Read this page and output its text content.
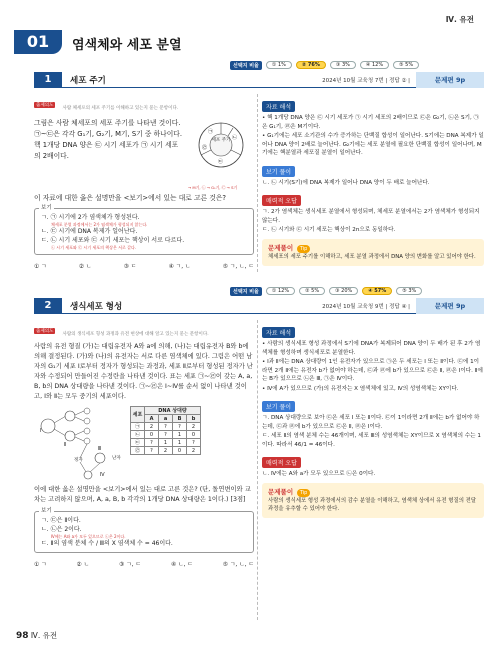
Ⅳ. 유전
01	염색체와 세포 분열
선택지 비율	① 1%	② 76%	③ 3%	④ 12%	⑤ 5%
1	세포 주기	2024년 10월 교육청 7번 | 정답 ② |	문제편 9p
출제의도 사람 체세포의 세포 주기를 이해하고 있는지 묻는 문항이다.
그림은 사람 체세포의 세포 주기를 나타낸 것이다. ㉠~㉢은 각각 G₁기, G₂기, M기, S기 중 하나이다. 핵 1개당 DNA 양은 ㉢ 시기 세포가 ㉠ 시기 세포의 2배이다.
㉠
㉡
㉢
㉣
세포 주기
→ M기, ㉡ → G₁기, ㉢ → S기
이 자료에 대한 옳은 설명만을 <보기>에서 있는 대로 고른 것은?
보기
ㄱ. ㉠ 시기에 2가 염색체가 형성된다.
체세포 분열 과정에서는 2가 염색체가 형성되지 않는다.
ㄴ. ㉢ 시기에 DNA 복제가 일어난다.
ㄷ. ㉡ 시기 세포와 ㉢ 시기 세포는 핵상이 서로 다르다.
㉡ 시기 세포와 ㉢ 시기 세포의 핵상은 서로 같다.
① ㄱ	② ㄴ	③ ㄷ	④ ㄱ, ㄴ	⑤ ㄱ, ㄴ, ㄷ
자료 해석

• 핵 1개당 DNA 양은 ㉢ 시기 세포가 ㉠ 시기 세포의 2배이므로 ㉢은 G₂기, ㉡은 S기, ㉠은 G₁기, ㉣은 M기이다.

• G₁기에는 세포 소기관의 수가 증가하는 단백질 합성이 일어난다. S기에는 DNA 복제가 일어나 DNA 양이 2배로 늘어난다. G₂기에는 세포 분열에 필요한 단백질 합성이 일어나며, M기에는 핵분열과 세포질 분열이 일어난다.

보기 풀이

ㄴ. ㉡ 시기(S기)에 DNA 복제가 일어나 DNA 양이 두 배로 늘어난다.

매력적 오답

ㄱ. 2가 염색체는 생식세포 분열에서 형성되며, 체세포 분열에서는 2가 염색체가 형성되지 않는다.

ㄷ. ㉡ 시기와 ㉢ 시기 세포는 핵상이 2n으로 동일하다.

문제풀이 Tip
체세포의 세포 주기를 이해하고, 세포 분열 과정에서 DNA 양의 변화를 알고 있어야 한다.
선택지 비율	① 12%	② 5%	③ 20%	④ 57%	⑤ 3%
2	생식세포 형성	2024년 10월 교육청 9번 | 정답 ④ |	문제편 9p
출제의도 사람의 생식세포 형성 과정과 유전 현상에 대해 알고 있는지 묻는 문항이다.
사람의 유전 형질 (가)는 대립유전자 A와 a에 의해, (나)는 대립유전자 B와 b에 의해 결정된다. (가)와 (나)의 유전자는 서로 다른 염색체에 있다. 그림은 어떤 남자의 G₁기 세포 Ⅰ로부터 정자가 형성되는 과정과, 세포 Ⅱ로부터 형성된 정자가 난자와 수정되어 만들어진 수정란을 나타낸 것이다. 표는 세포 ㉠~㉣이 갖는 A, a, B, b의 DNA 상대량을 나타낸 것이다. ㉠~㉣은 Ⅰ~Ⅳ를 순서 없이 나타낸 것이고, Ⅰ와 Ⅱ는 모두 중기의 세포이다.
Ⅰ
Ⅱ
Ⅲ
정자	난자
Ⅳ
세포	DNA 상대량			
	A	a	B	b
㉠	2	?	?	2
㉡	0	?	1	0
㉢	?	1	1	?
㉣	?	2	0	2
이에 대한 옳은 설명만을 <보기>에서 있는 대로 고른 것은? (단, 돌연변이와 교차는 고려하지 않으며, A, a, B, b 각각의 1개당 DNA 상대량은 1이다.) [3점]
보기
ㄱ. ㉢은 Ⅱ이다.
ㄴ. ㉡은 2이다.
Ⅳ에는 A와 a가 모두 있으므로 ㉡은 2이다.
ㄷ. Ⅱ의 염색 분체 수 / Ⅲ의 X 염색체 수 = 46이다.
① ㄱ	② ㄴ	③ ㄱ, ㄷ	④ ㄴ, ㄷ	⑤ ㄱ, ㄴ, ㄷ
자료 해석

• 사람의 생식세포 형성 과정에서 S기에 DNA가 복제되어 DNA 양이 두 배가 된 후 2가 염색체를 형성하며 생식세포로 분열한다.

• Ⅰ과 Ⅱ에는 DNA 상대량이 1인 유전자가 있으므로 ㉠은 두 세포는 Ⅰ 또는 Ⅱ이다. ㉢에 1이라면 2개 Ⅱ에는 유전자 b가 없어야 하는데, ㉢과 ㉣에 b가 있으므로 ㉢은 Ⅱ, ㉣은 Ⅰ이다. Ⅱ에는 B가 있으므로 ㉡은 Ⅲ, ㉠은 Ⅳ이다.

• Ⅳ에 A가 있으므로 (가)의 유전자는 X 염색체에 있고, Ⅳ의 성염색체는 XY이다.

보기 풀이

ㄱ. DNA 상대량으로 보아 ㉢은 세포 Ⅰ 또는 Ⅱ이다. ㉢이 1이라면 2개 Ⅱ에는 b가 없어야 하는데, ㉢과 ㉣에 b가 있으므로 ㉢은 Ⅱ, ㉣은 Ⅰ이다.

ㄷ. 세포 Ⅱ의 염색 분체 수는 46개이며, 세포 Ⅲ의 성염색체는 XY이므로 X 염색체의 수는 1이다. 따라서 46/1 = 46이다.

매력적 오답

ㄴ. Ⅳ에는 A와 a가 모두 있으므로 ㉡은 0이다.

문제풀이 Tip
사람의 생식세포 형성 과정에서의 감수 분열을 이해하고, 염색체 상에서 유전 형질의 전달 과정을 유추할 수 있어야 한다.
98 Ⅳ. 유전
